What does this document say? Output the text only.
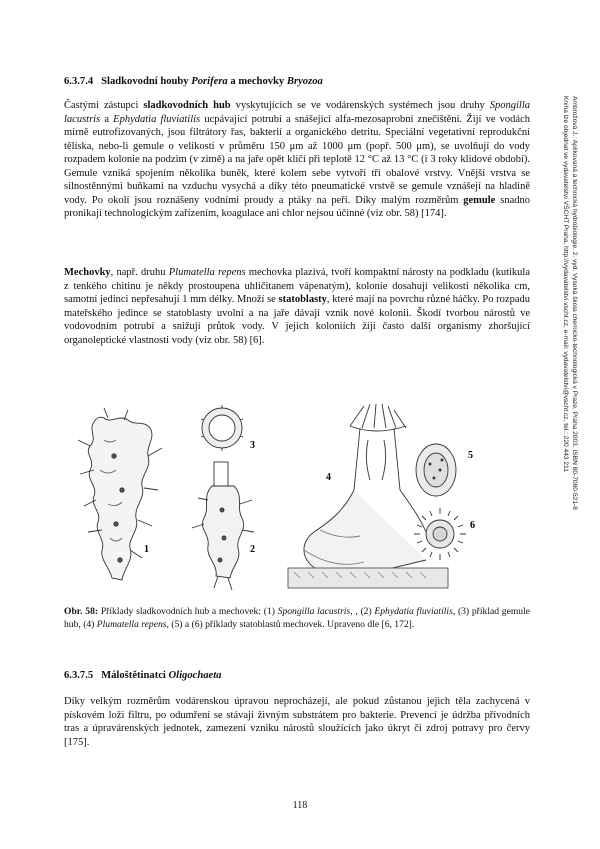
Ambrožová J.: Aplikovaná a technická hydrobiologie. 2. vyd. Vysoká škola chemicko-technologická v Praze, Praha 2003. ISBN 80-7080-521-8
Kniha lze objednat ve vydavatelství VŠCHT Praha, http://vydavatelstvi.vscht.cz, e-mail: vydavatelstvi@vscht.cz, tel.: 220 443 211
6.3.7.4 Sladkovodní houby Porifera a mechovky Bryozoa

Častými zástupci sladkovodních hub vyskytujících se ve vodárenských systémech jsou druhy Spongilla lacustris a Ephydatia fluviatilis ucpávající potrubí a snášející alfa-mezosaprobní znečištění. Žijí ve vodách mírně eutrofizovaných, jsou filtrátory řas, bakterií a organického detritu. Speciální vegetativní reprodukční tělíska, nebo-li gemule o velikosti v průměru 150 μm až 1000 μm (popř. 500 μm), se uvolňují do vody rozpadem kolonie na podzim (v zimě) a na jaře opět klíčí při teplotě 12 °C až 13 °C (i 3 roky klidové období). Gemule vzniká spojením několika buněk, které kolem sebe vytvoří tři obalové vrstvy. Vnější vrstva se silnostěnnými buňkami na vzduchu vysychá a díky této pneumatické vrstvě se gemule vznášejí na hladině vody. Po okolí jsou roznášeny vodními proudy a ptáky na peří. Díky malým rozměrům gemule snadno pronikají technologickým zařízením, koagulace ani chlor nejsou účinné (viz obr. 58) [174].

Mechovky, např. druhu Plumatella repens mechovka plazivá, tvoří kompaktní nárosty na podkladu (kutikula z tenkého chitinu je někdy prostoupena uhličitanem vápenatým), kolonie dosahují velikosti několika cm, samotní jedinci nepřesahují 1 mm délky. Množí se statoblasty, které mají na povrchu různé háčky. Po rozpadu mateřského jedince se statoblasty uvolní a na jaře dávají vznik nové kolonii. Škodí tvorbou nárostů ve vodovodním potrubí a snižují průtok vody. V jejich koloniích žijí často další organismy zhoršující organoleptické vlastnosti vody (viz obr. 58) [6].

1
3
2
4
5
6

Obr. 58: Příklady sladkovodních hub a mechovek: (1) Spongilla lacustris, , (2) Ephydatia fluviatilis, (3) příklad gemule hub, (4) Plumatella repens, (5) a (6) příklady statoblastů mechovek. Upraveno dle [6, 172].

6.3.7.5 Máloštětinatci Oligochaeta

Díky velkým rozměrům vodárenskou úpravou neprocházejí, ale pokud zůstanou jejich těla zachycená v pískovém loži filtru, po odumření se stávají živným substrátem pro bakterie. Prevencí je údržba přívodních tras a úpravárenských jednotek, zamezení vzniku nárostů sloužících jako úkryt či zdroj potravy pro červy [175].

118
